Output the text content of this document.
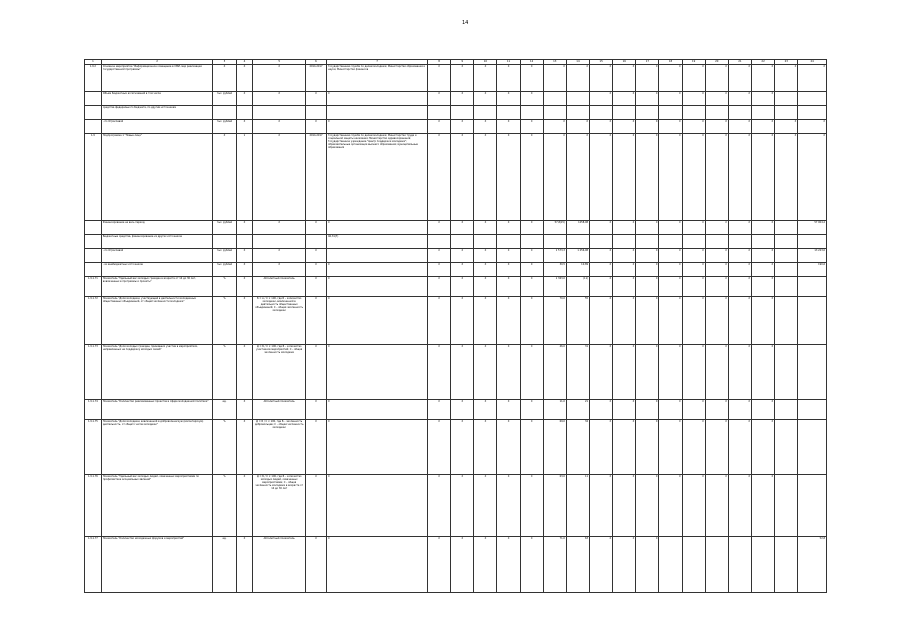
14
1	2	3	4	5	6	7	8	9	10	11	12	13	14	15	16	17	18	19	20	21	22	23	24
1.9.2	Основное мероприятие "Информационное освещение в СМИ, мер реализации государственной программы"	Х	Х	Х	2014-2017	Государственная служба по делам молодежи; Министерство образования и науки; Министерство финансов	Х	Х	Х	Х	Х	Х	Х	Х	Х	Х	Х	Х	Х	Х	Х	Х	Х
	Объем бюджетных ассигнований в том числе	тыс. рублей	Х	Х	Х	Х	Х	Х	Х	Х	Х			Х	Х	Х	Х	Х	Х	Х	Х		
	средства федерального бюджета, по другим источникам																						
	- по Отраслевой	тыс. рублей	Х	Х	Х	Х	Х	Х	Х	Х	Х	Х	Х	Х	Х	Х	Х	Х	Х	Х	Х	Х	Х
1.9	Подпрограмма 1 "Новые лица"	Х	1	Х	2014-2017	Государственная служба по делам молодежи; Министерство труда и социальной защиты населения; Министерство здравоохранения; Государственное учреждение "Центр поддержки молодежи"; образовательные организации высшего образования; муниципальные образования	Х	Х	Х	Х	Х	Х	Х	Х	Х	Х	Х	Х	Х	Х	Х	Х	Х
	Финансирование на весь период	тыс. рублей	Х	Х	Х	Х	Х	Х	Х	Х	Х	57,8(15)	1258,08	Х	Х	Х	Х	Х	Х	Х	Х		57 004,2
	Бюджетные средства, финансирование из других источников					46,31(7)																	
	- по Отраслевой	тыс. рублей	Х	Х	Х		Х	Х	Х	Х	Х	1 573,3	1 256,08	Х	Х	Х	Х	Х	Х	Х	Х		13 223,0
	- из внебюджетных источников	тыс. рублей	Х	Х	Х	Х	Х	Х	Х	Х	Х	30,5	10,89	Х	Х	Х	Х	Х	Х	Х	Х		199,6
1.9.1.Г1	Показатель "Удельный вес молодых граждан в возрасте от 14 до 30 лет, вовлеченных в программы и проекты"	%	Х	Абсолютный показатель	Х	Х	Х	Х	Х	Х	Х	1 363,0	(11)	Х	Х	Х	Х	Х	Х	Х	Х		
1.9.1.Г2	Показатель "Доля молодежи, участвующей в деятельности молодежных общественных объединений, от общей численности молодежи"	%	Х	Б = А / С × 100, где Б – количество молодежи, вовлеченной в деятельность общественных объединений; С – общая численность молодежи	Х	Х	Х	Х	Х	Х	Х	70,0	55	Х	Х	Х	Х	Х	Х	Х	Х		
1.9.1.Г3	Показатель "Доля молодых граждан, принявших участие в мероприятиях, направленных на поддержку молодых семей"	%	Х	Д = Б / С × 100, где Б – количество участников мероприятий; С – общая численность молодежи	Х	Х	Х	Х	Х	Х	Х	46,0	31	Х	Х	Х	Х	Х	Х	Х	Х		
1.9.1.Г4	Показатель "Количество реализованных проектов в сфере молодежной политики"	ед.	Х	Абсолютный показатель	Х	Х	Х	Х	Х	Х	Х	11,0	21	Х	Х	Х	Х	Х	Х	Х	Х		
1.9.1.Г5	Показатель "Доля молодежи, вовлеченной в добровольческую (волонтерскую) деятельность, от общего числа молодежи"	%	Х	Д = Б / С × 100, где Б – численность добровольцев; С – общая численность молодежи	Х	Х	Х	Х	Х	Х	Х	69,0	34	Х	Х	Х	Х	Х	Х	Х	Х		
1.9.1.Г6	Показатель "Удельный вес молодых людей, охваченных мероприятиями по профилактике асоциальных явлений"	%	Х	Д = Б / С × 100, где Б – количество молодых людей, охваченных мероприятиями; С – общая численность молодежи в возрасте от 14 до 30 лет	Х	Х	Х	Х	Х	Х	Х	63,0	11	Х	Х	Х	Х	Х	Х	Х	Х		
1.9.1.Г7	Показатель "Количество молодежных форумов и мероприятий"	ед.	Х	Абсолютный показатель	Х	Х	Х	Х	Х	Х	Х	71,0	63	Х	Х	Х							52,8
